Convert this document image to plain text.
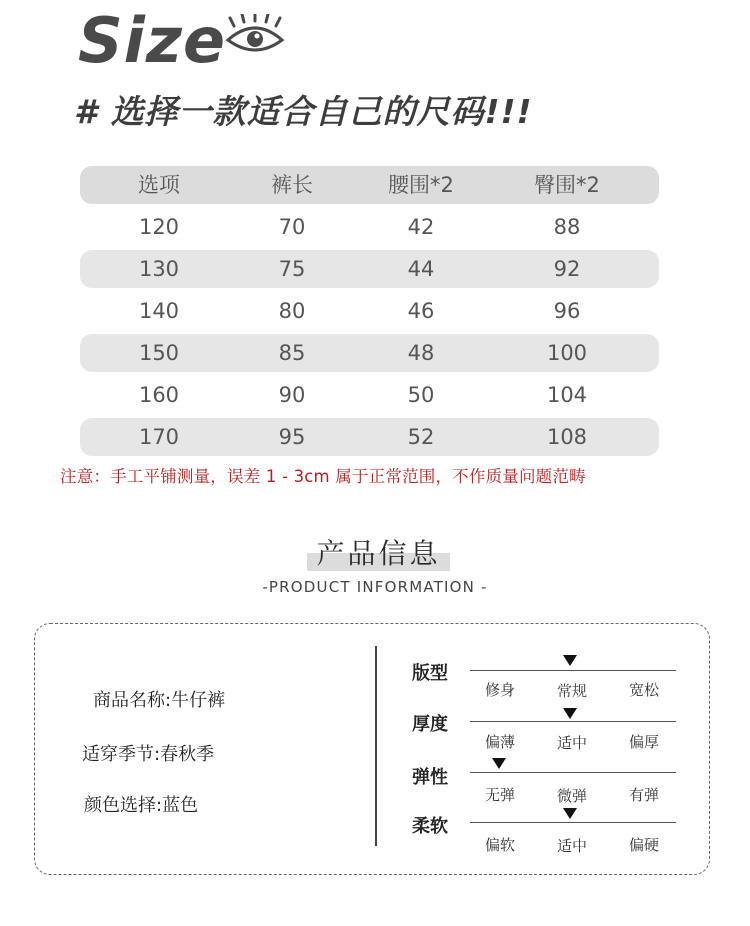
Size
# 选择一款适合自己的尺码!!!
选项	裤长	腰围*2	臀围*2
120	70	42	88
130	75	44	92
140	80	46	96
150	85	48	100
160	90	50	104
170	95	52	108
注意：手工平铺测量，误差 1 - 3cm 属于正常范围，不作质量问题范畴
产品信息
-PRODUCT INFORMATION -
商品名称:牛仔裤
适穿季节:春秋季
颜色选择:蓝色
版型
修身	常规	宽松
厚度
偏薄	适中	偏厚
弹性
无弹	微弹	有弹
柔软
偏软	适中	偏硬
